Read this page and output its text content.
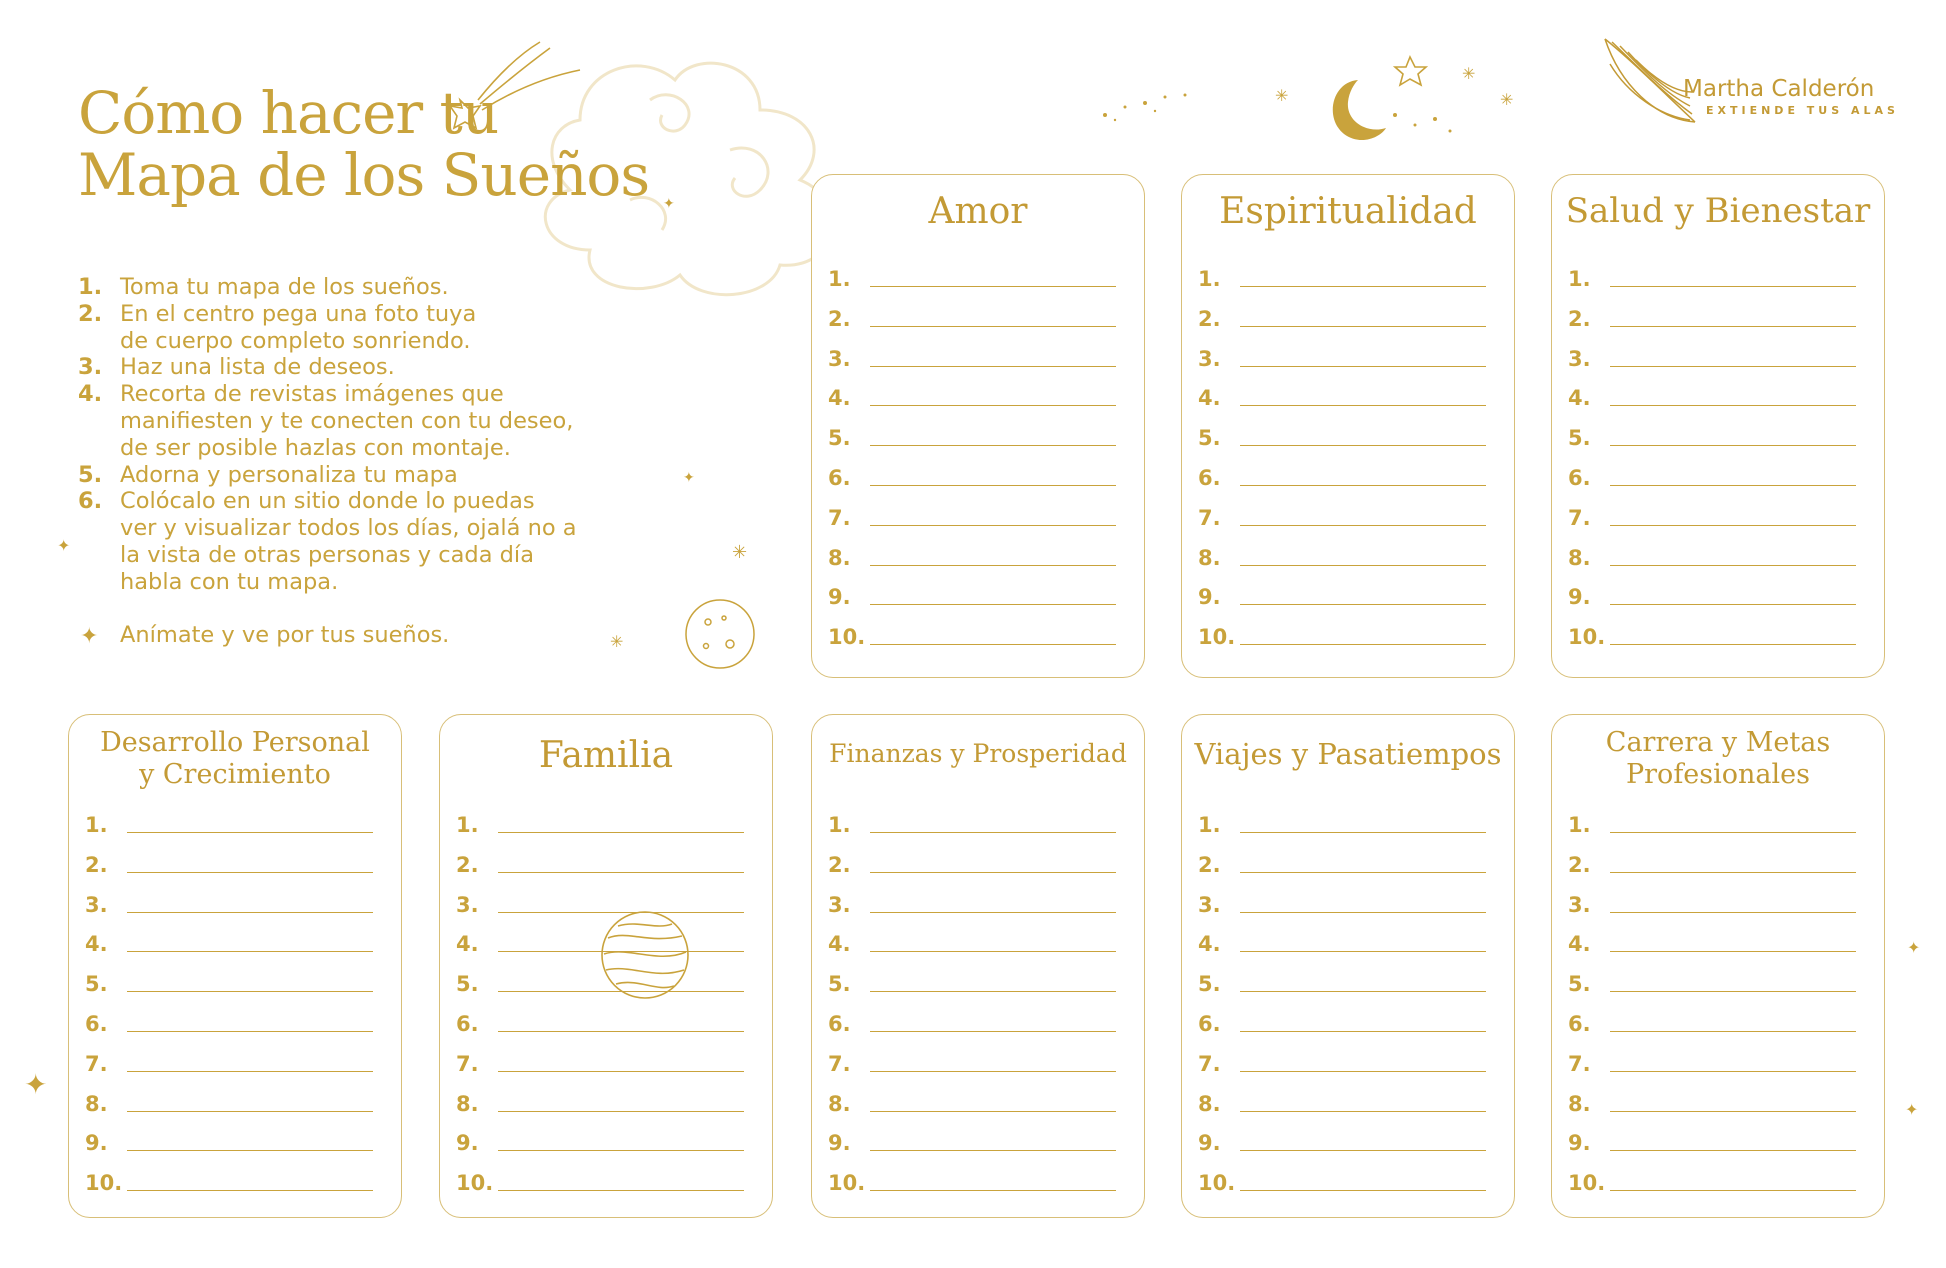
✳
✳
✳	Martha Calderón
EXTIENDE TUS ALAS
Cómo hacer tu
Mapa de los Sueños
1. Toma tu mapa de los sueños.
2. En el centro pega una foto tuya
de cuerpo completo sonriendo.
3. Haz una lista de deseos.
4. Recorta de revistas imágenes que
manifiesten y te conecten con tu deseo,
de ser posible hazlas con montaje.
5. Adorna y personaliza tu mapa
6. Colócalo en un sitio donde lo puedas
ver y visualizar todos los días, ojalá no a
la vista de otras personas y cada día
habla con tu mapa.
✦ Anímate y ve por tus sueños.
✦
✳
✳
✦
✦
✦
✦
✦
Amor
1.
2.
3.
4.
5.
6.
7.
8.
9.
10.
Espiritualidad
1.
2.
3.
4.
5.
6.
7.
8.
9.
10.
Salud y Bienestar
1.
2.
3.
4.
5.
6.
7.
8.
9.
10.
Desarrollo Personal
y Crecimiento
1.
2.
3.
4.
5.
6.
7.
8.
9.
10.
Familia
1.
2.
3.
4.
5.
6.
7.
8.
9.
10.
Finanzas y Prosperidad
1.
2.
3.
4.
5.
6.
7.
8.
9.
10.
Viajes y Pasatiempos
1.
2.
3.
4.
5.
6.
7.
8.
9.
10.
Carrera y Metas
Profesionales
1.
2.
3.
4.
5.
6.
7.
8.
9.
10.
